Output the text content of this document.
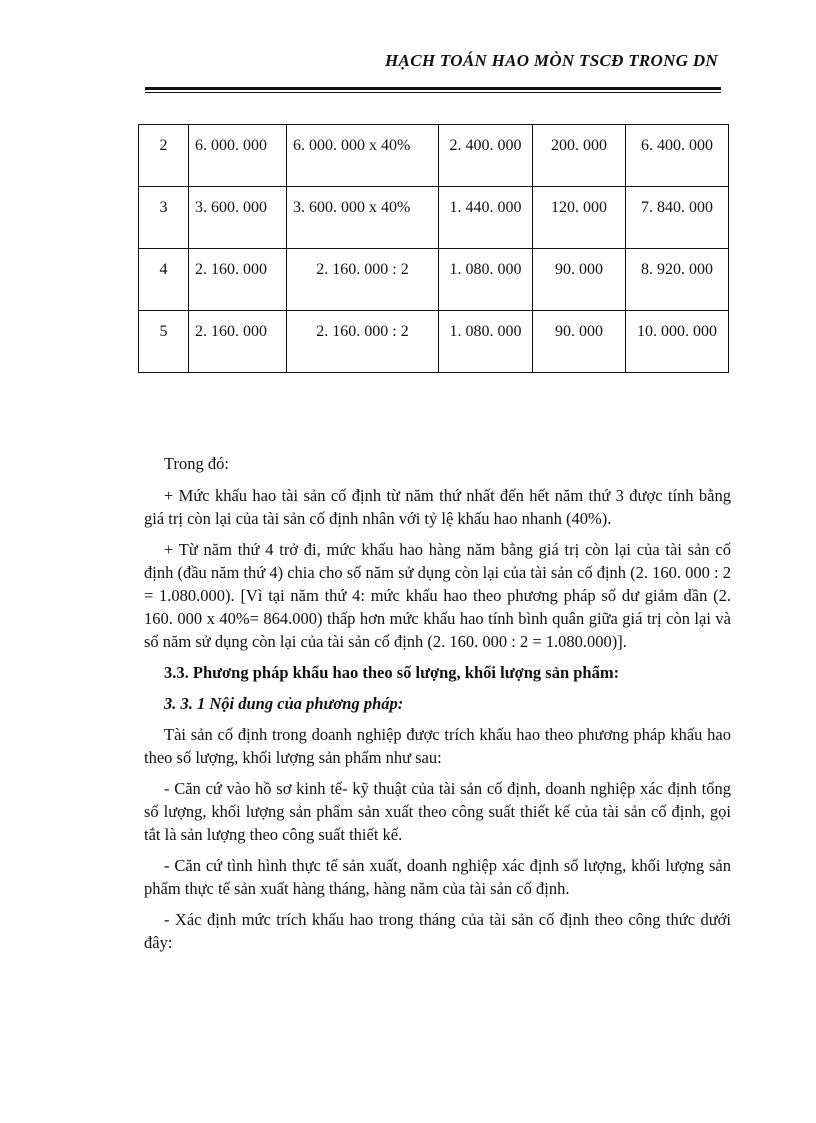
HẠCH TOÁN HAO MÒN TSCĐ TRONG DN
2	6. 000. 000	6. 000. 000 x 40%	2. 400. 000	200. 000	6. 400. 000
3	3. 600. 000	3. 600. 000 x 40%	1. 440. 000	120. 000	7. 840. 000
4	2. 160. 000	2. 160. 000 : 2	1. 080. 000	90. 000	8. 920. 000
5	2. 160. 000	2. 160. 000 : 2	1. 080. 000	90. 000	10. 000. 000

Trong đó:

+ Mức khấu hao tài sản cố định từ năm thứ nhất đến hết năm thứ 3 được tính bằng giá trị còn lại của tài sản cố định nhân với tỷ lệ khấu hao nhanh (40%).

+ Từ năm thứ 4 trở đi, mức khấu hao hàng năm bằng giá trị còn lại của tài sản cố định (đầu năm thứ 4) chia cho số năm sử dụng còn lại của tài sản cố định (2. 160. 000 : 2 = 1.080.000). [Vì tại năm thứ 4: mức khấu hao theo phương pháp số dư giảm dần (2. 160. 000 x 40%= 864.000) thấp hơn mức khấu hao tính bình quân giữa giá trị còn lại và số năm sử dụng còn lại của tài sản cố định (2. 160. 000 : 2 = 1.080.000)].

3.3. Phương pháp khấu hao theo số lượng, khối lượng sản phẩm:

3. 3. 1 Nội dung của phương pháp:

Tài sản cố định trong doanh nghiệp được trích khấu hao theo phương pháp khấu hao theo số lượng, khối lượng sản phẩm như sau:

- Căn cứ vào hồ sơ kinh tế- kỹ thuật của tài sản cố định, doanh nghiệp xác định tổng số lượng, khối lượng sản phẩm sản xuất theo công suất thiết kế của tài sản cố định, gọi tắt là sản lượng theo công suất thiết kế.

- Căn cứ tình hình thực tế sản xuất, doanh nghiệp xác định số lượng, khối lượng sản phẩm thực tế sản xuất hàng tháng, hàng năm của tài sản cố định.

- Xác định mức trích khấu hao trong tháng của tài sản cố định theo công thức dưới đây:
